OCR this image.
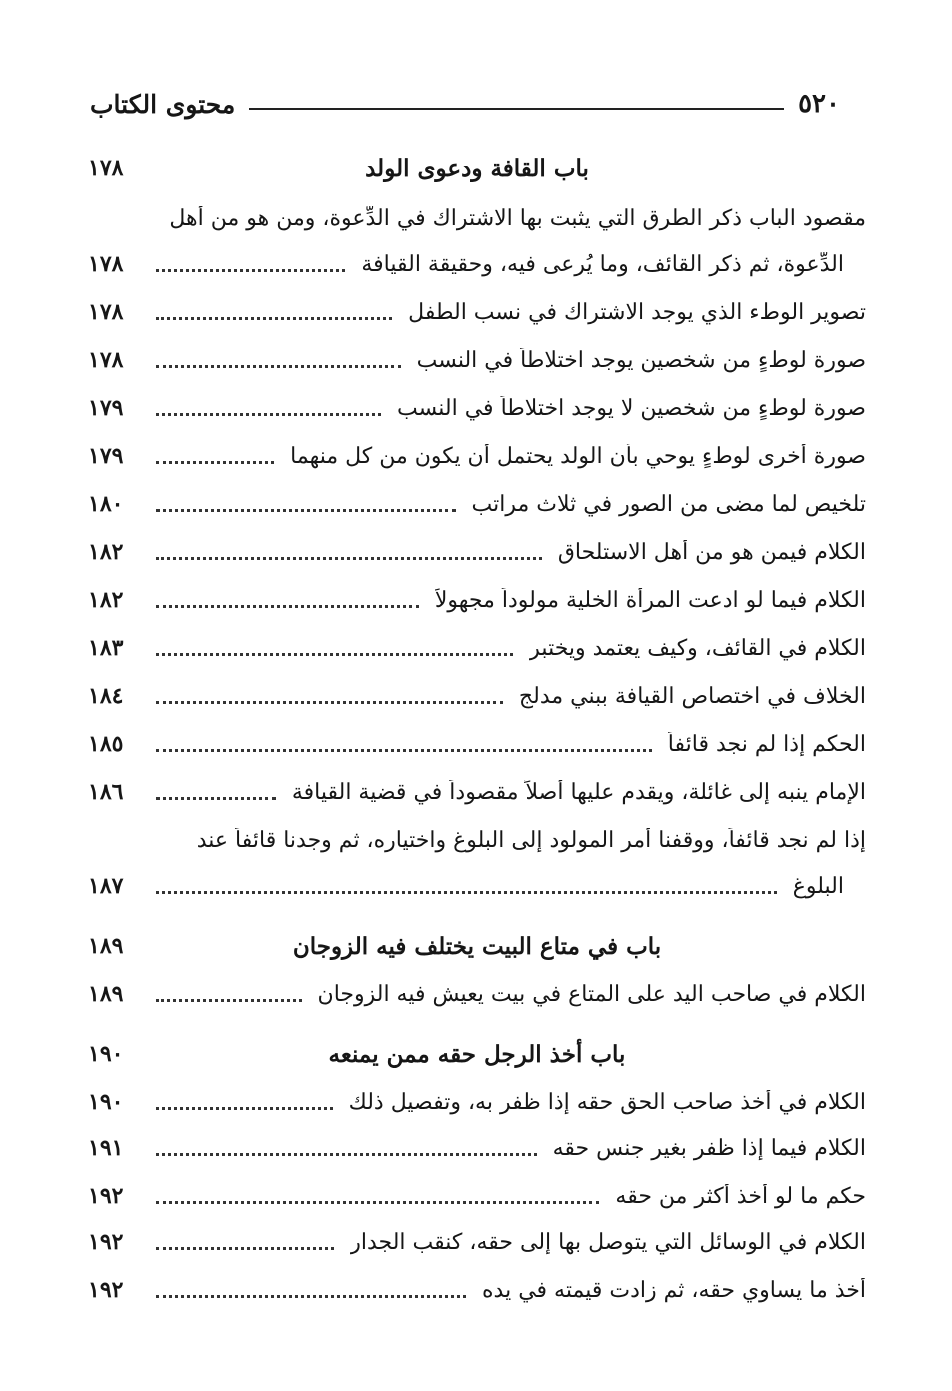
٥٢٠
محتوى الكتاب
باب القافة ودعوى الولد
١٧٨
مقصود الباب ذكر الطرق التي يثبت بها الاشتراك في الدِّعوة، ومن هو من أهل
الدِّعوة، ثم ذكر القائف، وما يُرعى فيه، وحقيقة القيافة
١٧٨
تصوير الوطء الذي يوجد الاشتراك في نسب الطفل
١٧٨
صورة لوطءٍ من شخصين يوجد اختلاطاً في النسب
١٧٨
صورة لوطءٍ من شخصين لا يوجد اختلاطاً في النسب
١٧٩
صورة أخرى لوطءٍ يوحي بأن الولد يحتمل أن يكون من كل منهما
١٧٩
تلخيص لما مضى من الصور في ثلاث مراتب
١٨٠
الكلام فيمن هو من أهل الاستلحاق
١٨٢
الكلام فيما لو ادعت المرأة الخلية مولوداً مجهولاً
١٨٢
الكلام في القائف، وكيف يعتمد ويختبر
١٨٣
الخلاف في اختصاص القيافة ببني مدلج
١٨٤
الحكم إذا لم نجد قائفاً
١٨٥
الإمام ينبه إلى غائلة، ويقدم عليها أصلاً مقصوداً في قضية القيافة
١٨٦
إذا لم نجد قائفاً، ووقفنا أمر المولود إلى البلوغ واختياره، ثم وجدنا قائفاً عند
البلوغ
١٨٧
باب في متاع البيت يختلف فيه الزوجان
١٨٩
الكلام في صاحب اليد على المتاع في بيت يعيش فيه الزوجان
١٨٩
باب أخذ الرجل حقه ممن يمنعه
١٩٠
الكلام في أخذ صاحب الحق حقه إذا ظفر به، وتفصيل ذلك
١٩٠
الكلام فيما إذا ظفر بغير جنس حقه
١٩١
حكم ما لو أخذ أكثر من حقه
١٩٢
الكلام في الوسائل التي يتوصل بها إلى حقه، كنقب الجدار
١٩٢
أخذ ما يساوي حقه، ثم زادت قيمته في يده
١٩٢
